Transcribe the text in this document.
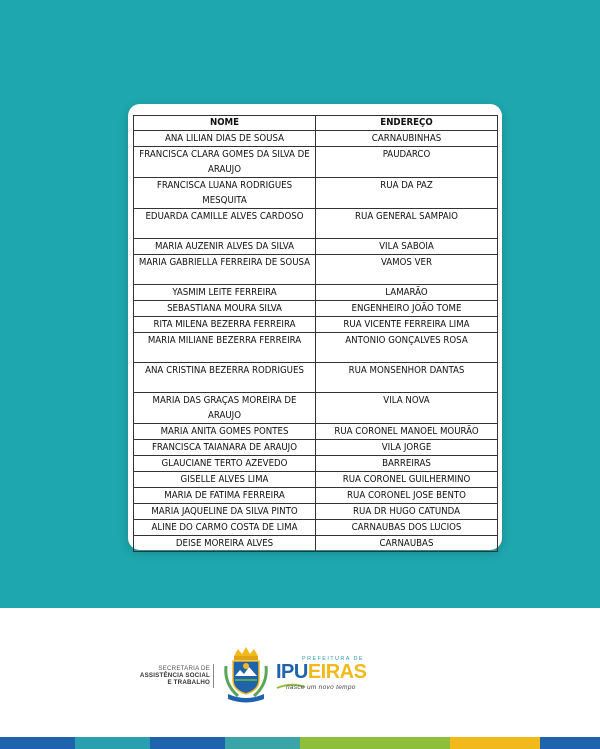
NOME	ENDEREÇO
ANA LILIAN DIAS DE SOUSA	CARNAUBINHAS
FRANCISCA CLARA GOMES DA SILVA DE ARAUJO	PAUDARCO
FRANCISCA LUANA RODRIGUES MESQUITA	RUA DA PAZ
EDUARDA CAMILLE ALVES CARDOSO	RUA GENERAL SAMPAIO
MARIA AUZENIR ALVES DA SILVA	VILA SABOIA
MARIA GABRIELLA FERREIRA DE SOUSA	VAMOS VER
YASMIM LEITE FERREIRA	LAMARÃO
SEBASTIANA MOURA SILVA	ENGENHEIRO JOÃO TOME
RITA MILENA BEZERRA FERREIRA	RUA VICENTE FERREIRA LIMA
MARIA MILIANE BEZERRA FERREIRA	ANTONIO GONÇALVES ROSA
ANA CRISTINA BEZERRA RODRIGUES	RUA MONSENHOR DANTAS
MARIA DAS GRAÇAS MOREIRA DE ARAUJO	VILA NOVA
MARIA ANITA GOMES PONTES	RUA CORONEL MANOEL MOURÃO
FRANCISCA TAIANARA DE ARAUJO	VILA JORGE
GLAUCIANE TERTO AZEVEDO	BARREIRAS
GISELLE ALVES LIMA	RUA CORONEL GUILHERMINO
MARIA DE FATIMA FERREIRA	RUA CORONEL JOSE BENTO
MARIA JAQUELINE DA SILVA PINTO	RUA DR HUGO CATUNDA
ALINE DO CARMO COSTA DE LIMA	CARNAUBAS DOS LUCIOS
DEISE MOREIRA ALVES	CARNAUBAS
SECRETARIA DE
ASSISTÊNCIA SOCIAL
E TRABALHO
PREFEITURA DE
IPUEIRAS
nasce um novo tempo
